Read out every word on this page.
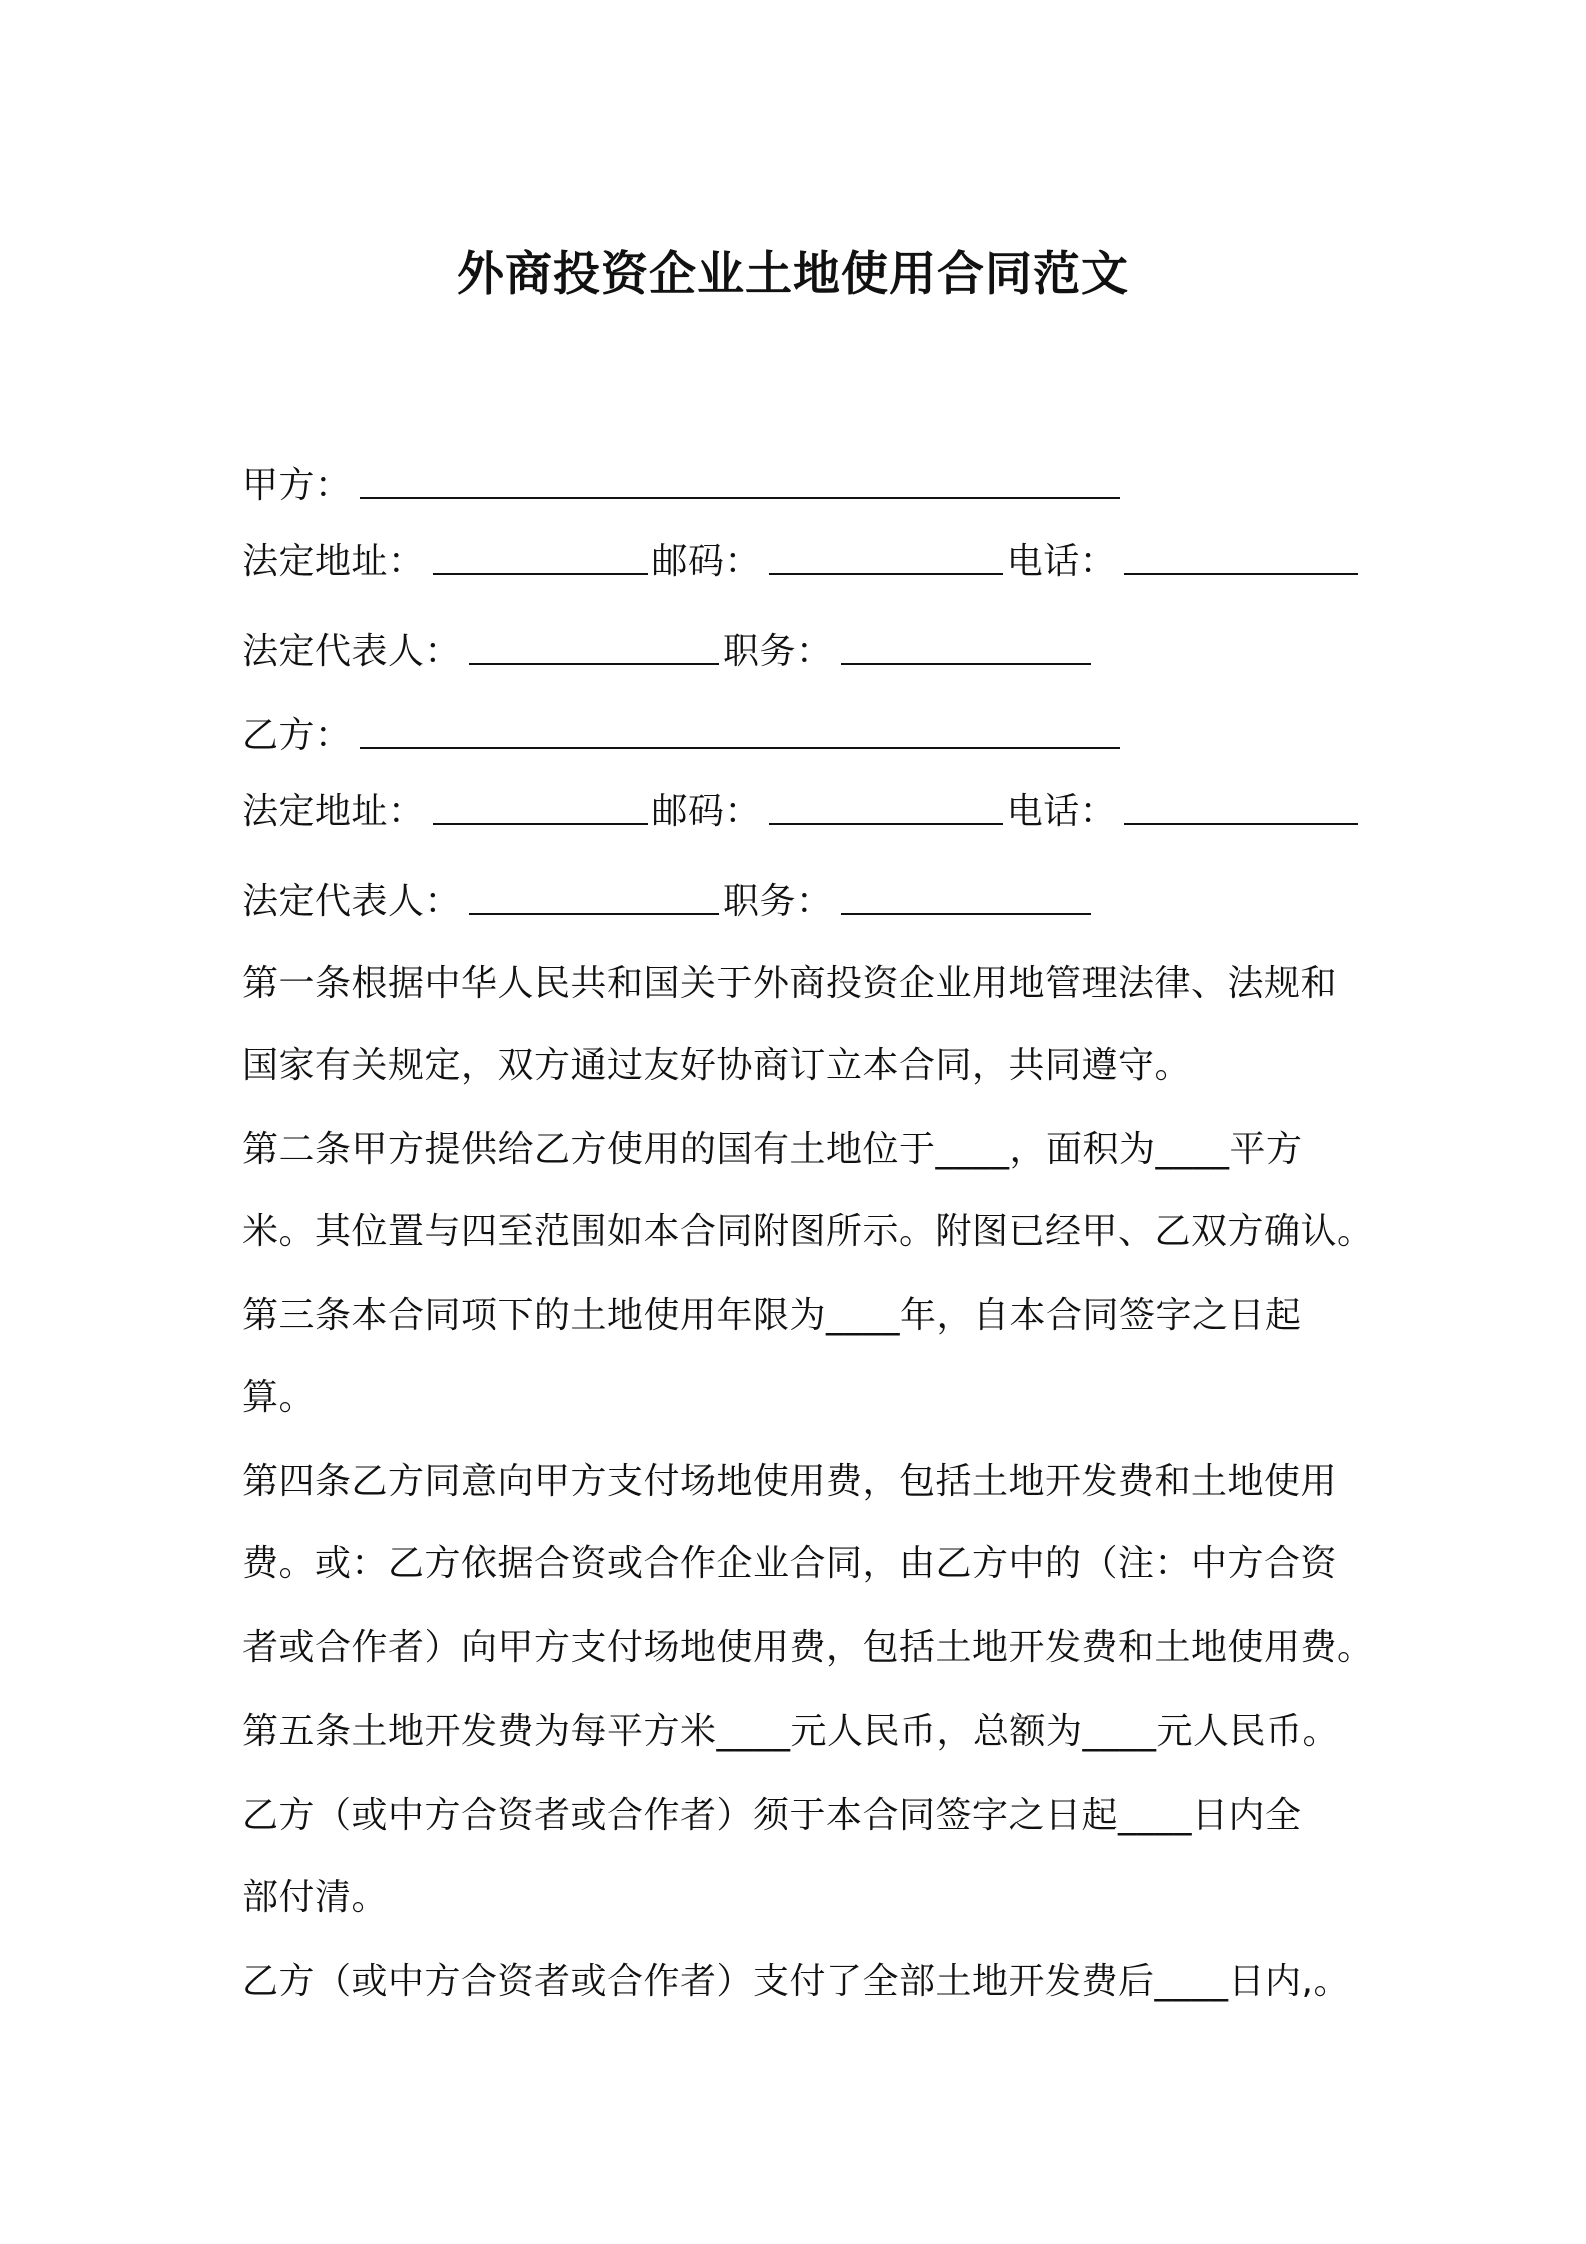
外商投资企业土地使用合同范文
甲方：
法定地址：	邮码：	电话：
法定代表人：	职务：
乙方：
法定地址：	邮码：	电话：
法定代表人：	职务：

第一条根据中华人民共和国关于外商投资企业用地管理法律、法规和

国家有关规定，双方通过友好协商订立本合同，共同遵守。

第二条甲方提供给乙方使用的国有土地位于____，面积为____平方

米。其位置与四至范围如本合同附图所示。附图已经甲、乙双方确认。

第三条本合同项下的土地使用年限为____年，自本合同签字之日起

算。

第四条乙方同意向甲方支付场地使用费，包括土地开发费和土地使用

费。或：乙方依据合资或合作企业合同，由乙方中的（注：中方合资

者或合作者）向甲方支付场地使用费，包括土地开发费和土地使用费。

第五条土地开发费为每平方米____元人民币，总额为____元人民币。

乙方（或中方合资者或合作者）须于本合同签字之日起____日内全

部付清。

乙方（或中方合资者或合作者）支付了全部土地开发费后____日内,。
